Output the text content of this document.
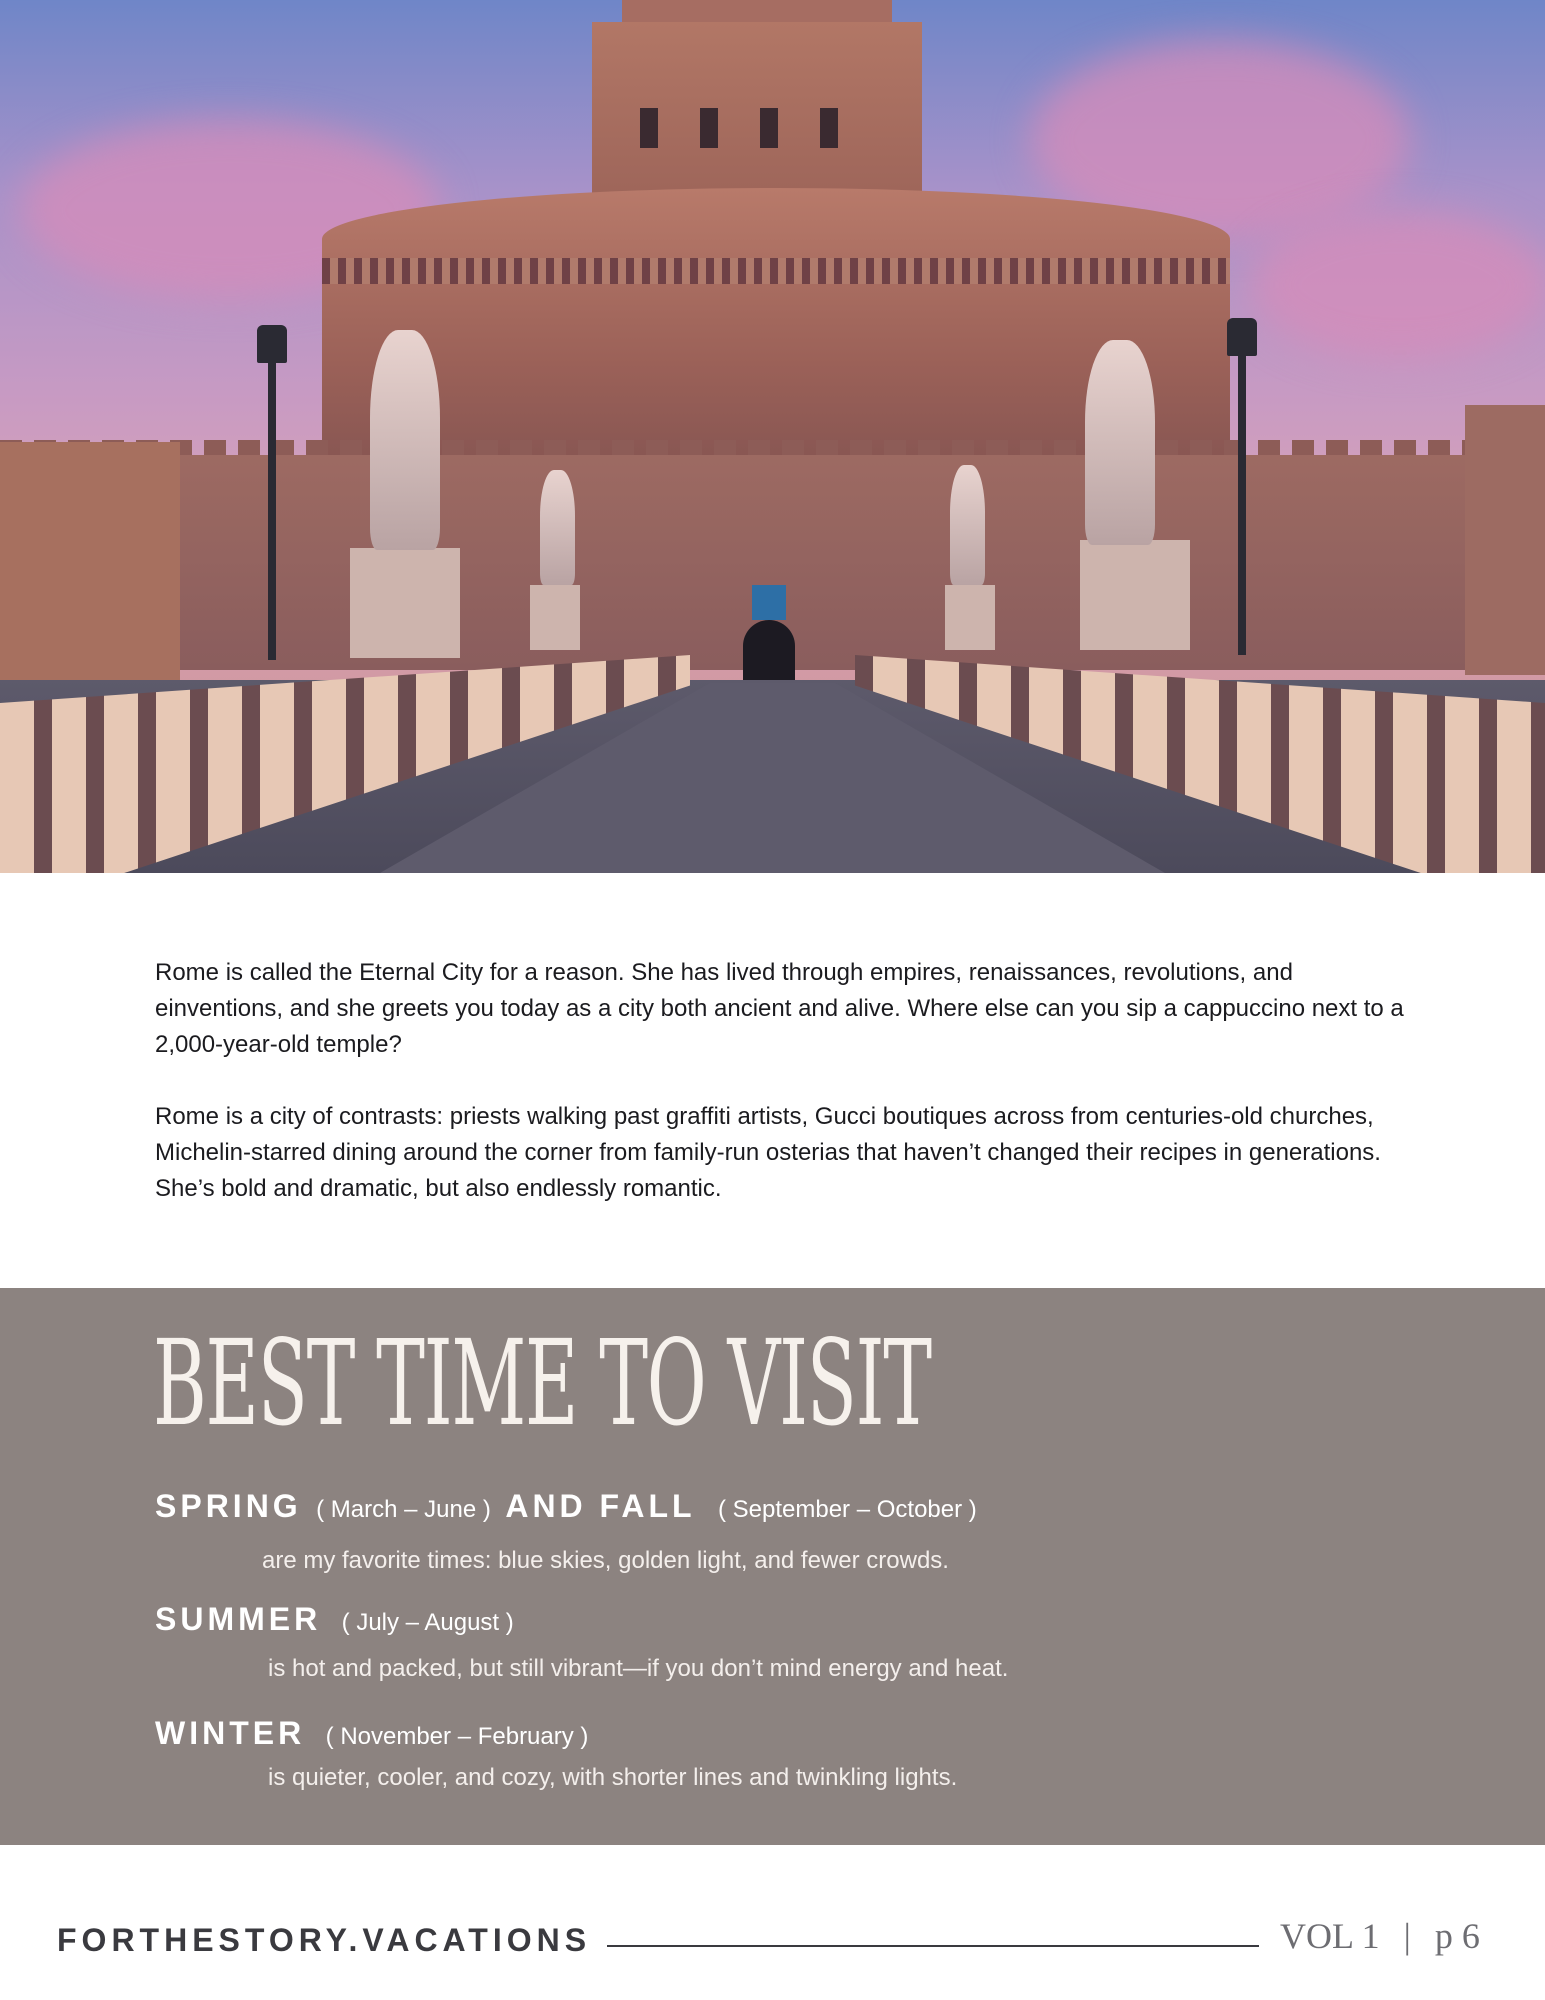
Rome is called the Eternal City for a reason. She has lived through empires, renaissances, revolutions, and einventions, and she greets you today as a city both ancient and alive. Where else can you sip a cappuccino next to a 2,000-year-old temple?

Rome is a city of contrasts: priests walking past graffiti artists, Gucci boutiques across from centuries-old churches, Michelin-starred dining around the corner from family-run osterias that haven’t changed their recipes in generations. She’s bold and dramatic, but also endlessly romantic.

BEST TIME TO VISIT
SPRING ( March – June ) AND FALL ( September – October )
are my favorite times: blue skies, golden light, and fewer crowds.
SUMMER ( July – August )
is hot and packed, but still vibrant—if you don’t mind energy and heat.
WINTER ( November – February )
is quieter, cooler, and cozy, with shorter lines and twinkling lights.
FORTHESTORY.VACATIONS	VOL 1 | p 6
